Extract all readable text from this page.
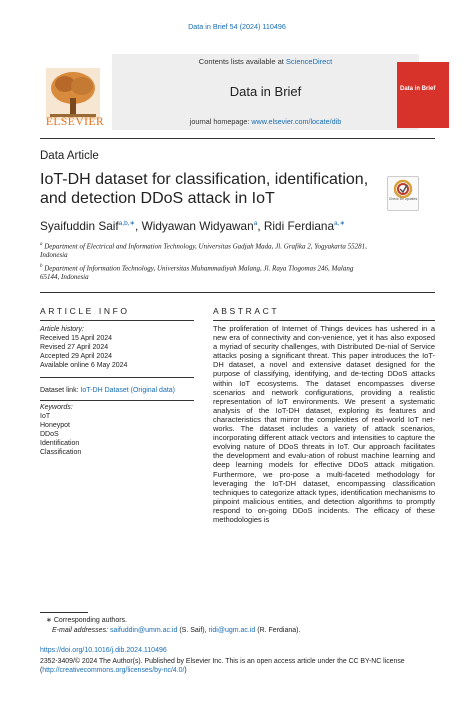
Data in Brief 54 (2024) 110496
ELSEVIER
Contents lists available at ScienceDirect
Data in Brief
journal homepage: www.elsevier.com/locate/dib
Data in Brief
Data Article
IoT-DH dataset for classification, identification,
and detection DDoS attack in IoT	Check for updates
Syaifuddin Saif$^{a,b,∗}$, Widyawan Widyawan$^a$, Ridi Ferdiana$^{a,∗}$
$^a$ Department of Electrical and Information Technology, Universitas Gadjah Mada, Jl. Grafika 2, Yogyakarta 55281,
Indonesia
$^b$ Department of Information Technology, Universitas Muhammadiyah Malang, Jl. Raya Tlogomas 246, Malang
65144, Indonesia
ARTICLE INFO	ABSTRACT
Article history:
Received 15 April 2024
Revised 27 April 2024
Accepted 29 April 2024
Available online 6 May 2024
Dataset link: IoT-DH Dataset (Original data)
Keywords:
IoT
Honeypot
DDoS
Identification
Classification
The proliferation of Internet of Things devices has ushered in a new era of connectivity and con-venience, yet it has also exposed a myriad of security challenges, with Distributed De-nial of Service attacks posing a significant threat. This paper introduces the IoT-DH dataset, a novel and extensive dataset designed for the purpose of classifying, identifying, and de-tecting DDoS attacks within IoT ecosystems. The dataset encompasses diverse scenarios and network configurations, providing a realistic representation of IoT environments. We present a systematic analysis of the IoT-DH dataset, exploring its features and characteristics that mirror the complexities of real-world IoT net-works. The dataset includes a variety of attack scenarios, incorporating different attack vectors and intensities to capture the evolving nature of DDoS threats in IoT. Our approach facilitates the development and evalu-ation of robust machine learning and deep learning models for effective DDoS attack mitigation. Furthermore, we pro-pose a multi-faceted methodology for leveraging the IoT-DH dataset, encompassing classification techniques to categorize attack types, identification mechanisms to pinpoint malicious entities, and detection algorithms to promptly respond to on-going DDoS incidents. The efficacy of these methodologies is
∗ Corresponding authors.
E-mail addresses: saifuddin@umm.ac.id (S. Saif), ridi@ugm.ac.id (R. Ferdiana).
https://doi.org/10.1016/j.dib.2024.110496
2352-3409/© 2024 The Author(s). Published by Elsevier Inc. This is an open access article under the CC BY-NC license
(http://creativecommons.org/licenses/by-nc/4.0/)
